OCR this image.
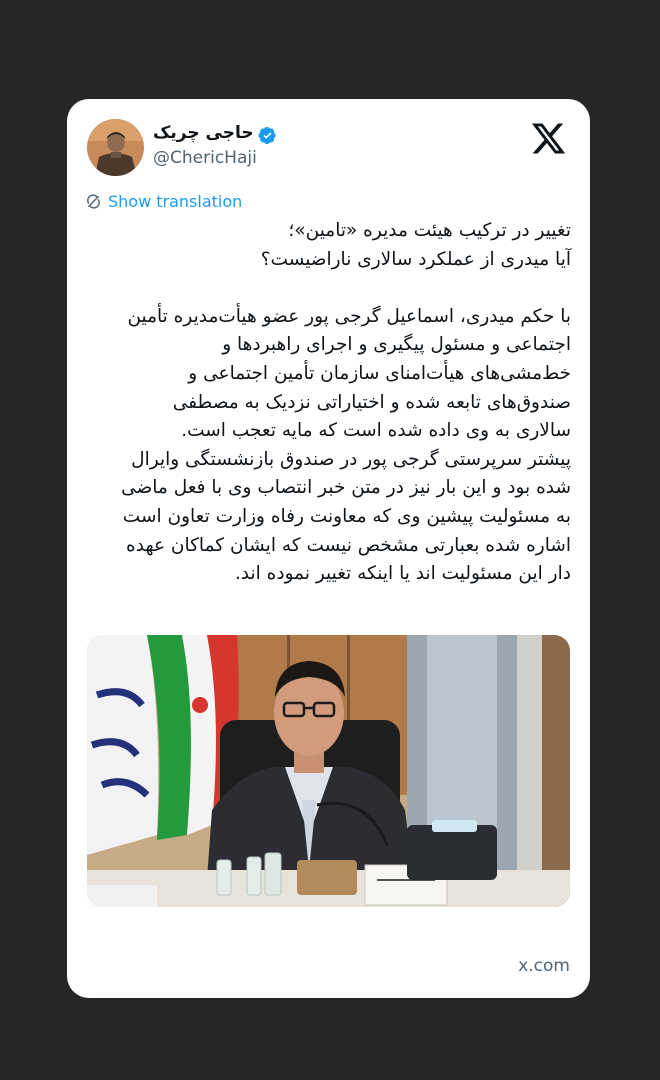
حاجی چریک
@ChericHaji
Show translation

تغییر در ترکیب هیئت مدیره «تامین»؛

آیا میدری از عملکرد سالاری ناراضیست؟

با حکم میدری، اسماعیل گرجی پور عضو هیأت‌مدیره تأمین

اجتماعی و مسئول پیگیری و اجرای راهبردها و

خط‌مشی‌های هیأت‌امنای سازمان تأمین اجتماعی و

صندوق‌های تابعه شده و اختیاراتی نزدیک به مصطفی

سالاری به وی داده شده است که مایه تعجب است.

پیشتر سرپرستی گرجی پور در صندوق بازنشستگی وایرال

شده بود و این بار نیز در متن خبر انتصاب وی با فعل ماضی

به مسئولیت پیشین وی که معاونت رفاه وزارت تعاون است

اشاره شده بعبارتی مشخص نیست که ایشان کماکان عهده

دار این مسئولیت اند یا اینکه تغییر نموده اند.

x.com
